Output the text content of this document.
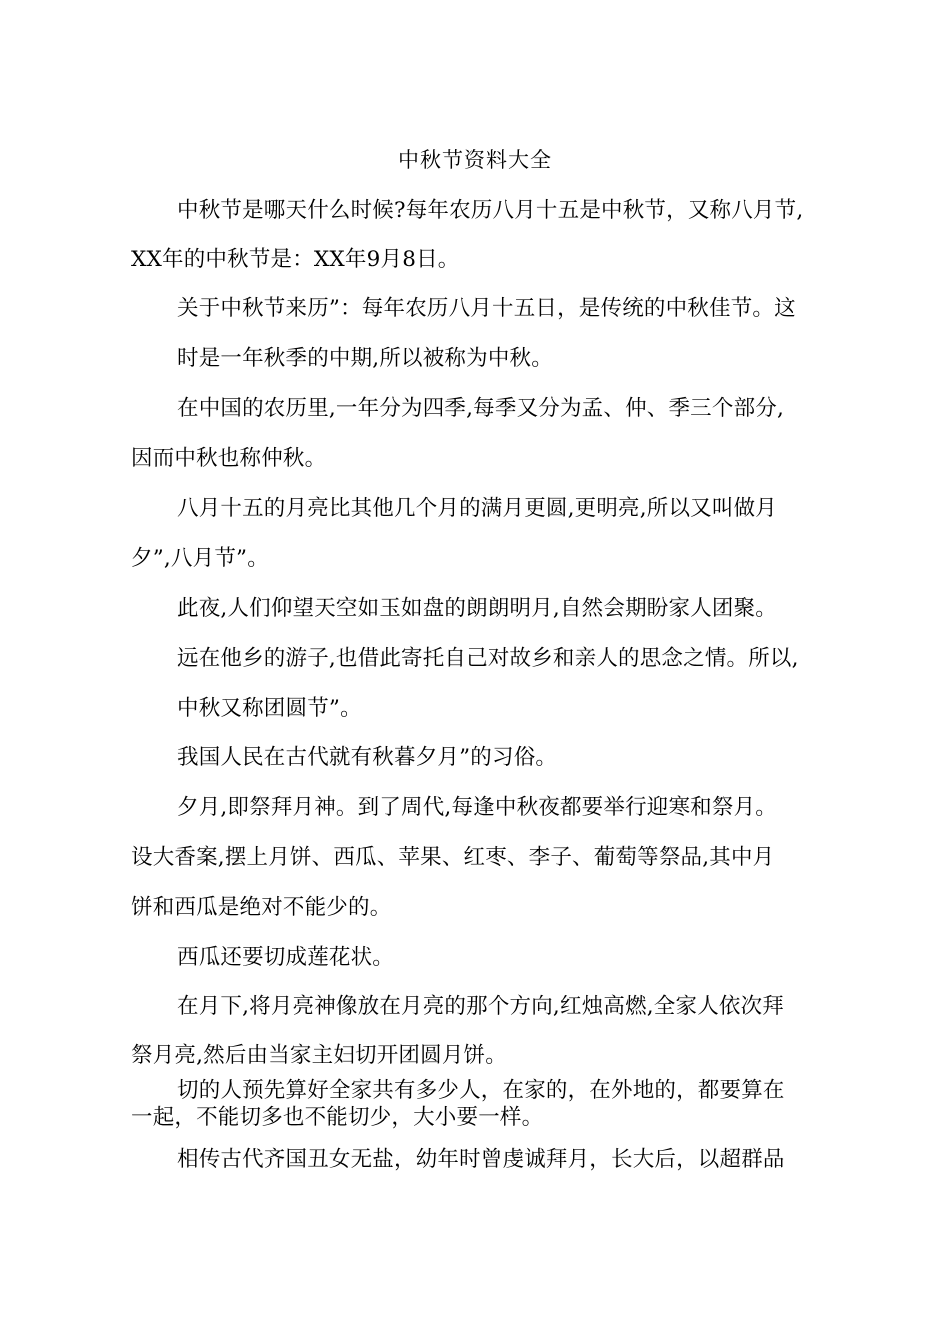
中秋节资料大全
中秋节是哪天什么时候?每年农历八月十五是中秋节，又称八月节,
XX年的中秋节是：XX年9月8日。
关于中秋节来历”：每年农历八月十五日，是传统的中秋佳节。这
时是一年秋季的中期,所以被称为中秋。
在中国的农历里,一年分为四季,每季又分为孟、仲、季三个部分,
因而中秋也称仲秋。
八月十五的月亮比其他几个月的满月更圆,更明亮,所以又叫做月
夕”,八月节”。
此夜,人们仰望天空如玉如盘的朗朗明月,自然会期盼家人团聚。
远在他乡的游子,也借此寄托自己对故乡和亲人的思念之情。所以,
中秋又称团圆节”。
我国人民在古代就有秋暮夕月”的习俗。
夕月,即祭拜月神。到了周代,每逢中秋夜都要举行迎寒和祭月。
设大香案,摆上月饼、西瓜、苹果、红枣、李子、葡萄等祭品,其中月
饼和西瓜是绝对不能少的。
西瓜还要切成莲花状。
在月下,将月亮神像放在月亮的那个方向,红烛高燃,全家人依次拜
祭月亮,然后由当家主妇切开团圆月饼。
切的人预先算好全家共有多少人，在家的，在外地的，都要算在
一起，不能切多也不能切少，大小要一样。
相传古代齐国丑女无盐，幼年时曾虔诚拜月，长大后，以超群品
